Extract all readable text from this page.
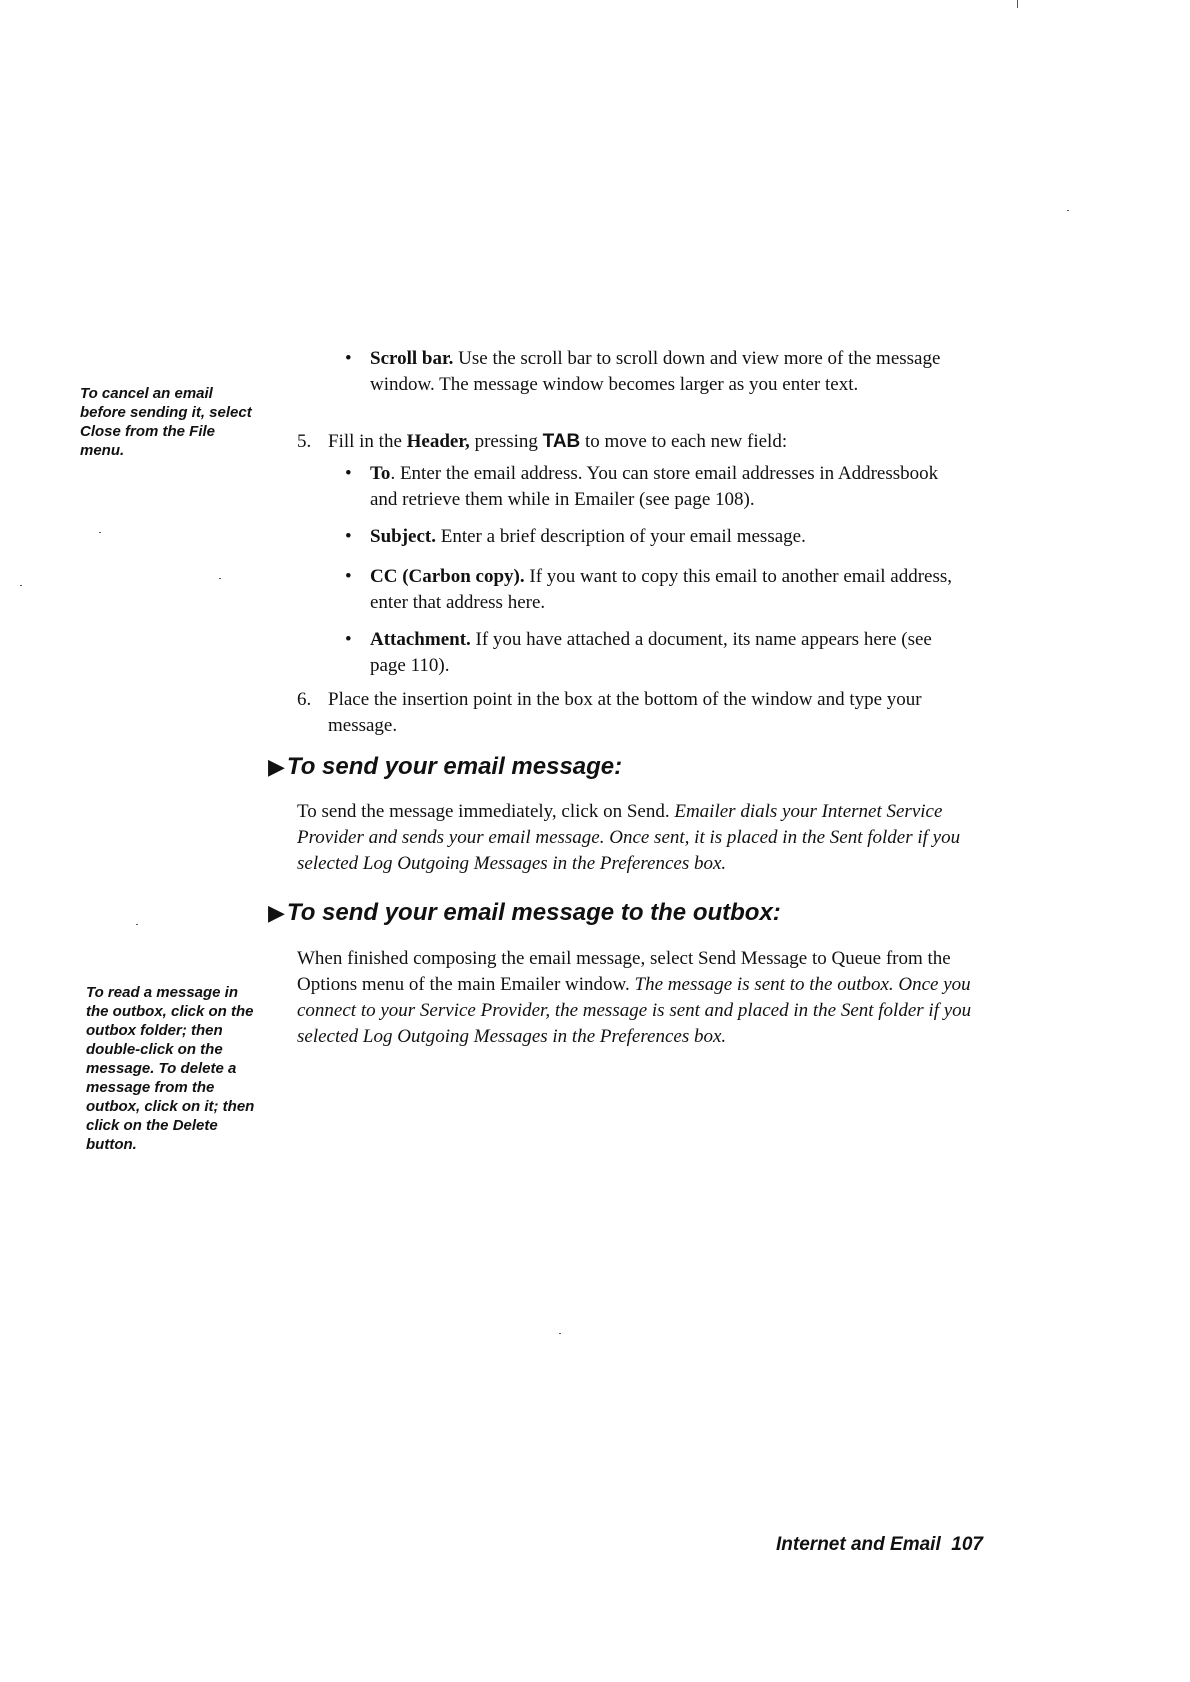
To cancel an email before sending it, select Close from the File menu.
To read a message in the outbox, click on the outbox folder; then double-click on the message. To delete a message from the outbox, click on it; then click on the Delete button.
• Scroll bar. Use the scroll bar to scroll down and view more of the message window. The message window becomes larger as you enter text.
5. Fill in the Header, pressing TAB to move to each new field:
• To. Enter the email address. You can store email addresses in Addressbook and retrieve them while in Emailer (see page 108).
• Subject. Enter a brief description of your email message.
• CC (Carbon copy). If you want to copy this email to another email address, enter that address here.
• Attachment. If you have attached a document, its name appears here (see page 110).
6. Place the insertion point in the box at the bottom of the window and type your message.
▶To send your email message:
To send the message immediately, click on Send. Emailer dials your Internet Service Provider and sends your email message. Once sent, it is placed in the Sent folder if you selected Log Outgoing Messages in the Preferences box.
▶To send your email message to the outbox:
When finished composing the email message, select Send Message to Queue from the Options menu of the main Emailer window. The message is sent to the outbox. Once you connect to your Service Provider, the message is sent and placed in the Sent folder if you selected Log Outgoing Messages in the Preferences box.
Internet and Email 107
